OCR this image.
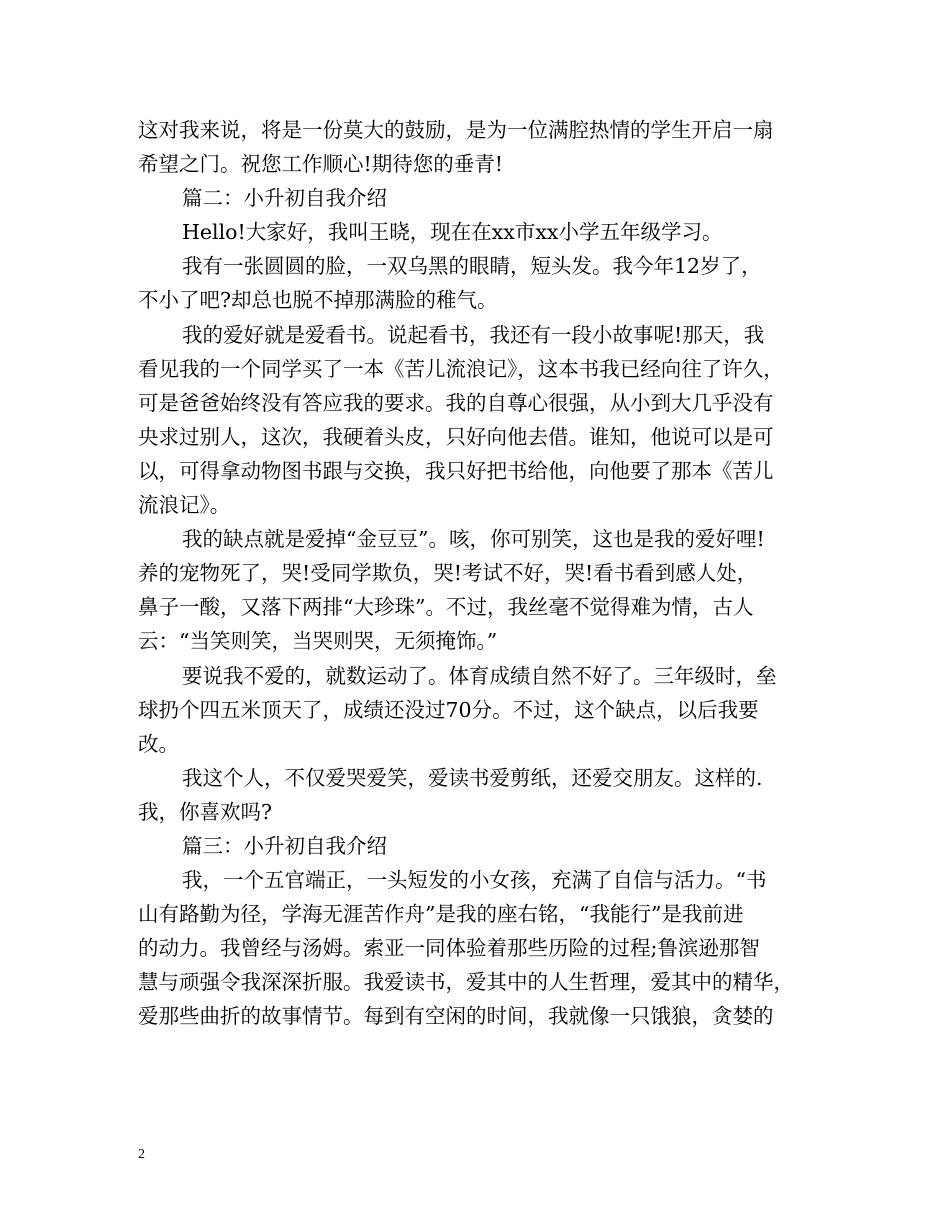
这对我来说，将是一份莫大的鼓励，是为一位满腔热情的学生开启一扇
希望之门。祝您工作顺心!期待您的垂青!
篇二：小升初自我介绍
Hello!大家好，我叫王晓，现在在xx市xx小学五年级学习。
我有一张圆圆的脸，一双乌黑的眼睛，短头发。我今年12岁了，
不小了吧?却总也脱不掉那满脸的稚气。
我的爱好就是爱看书。说起看书，我还有一段小故事呢!那天，我
看见我的一个同学买了一本《苦儿流浪记》，这本书我已经向往了许久，
可是爸爸始终没有答应我的要求。我的自尊心很强，从小到大几乎没有
央求过别人，这次，我硬着头皮，只好向他去借。谁知，他说可以是可
以，可得拿动物图书跟与交换，我只好把书给他，向他要了那本《苦儿
流浪记》。
我的缺点就是爱掉“金豆豆”。咳，你可别笑，这也是我的爱好哩!
养的宠物死了，哭!受同学欺负，哭!考试不好，哭!看书看到感人处，
鼻子一酸，又落下两排“大珍珠”。不过，我丝毫不觉得难为情，古人
云：“当笑则笑，当哭则哭，无须掩饰。”
要说我不爱的，就数运动了。体育成绩自然不好了。三年级时，垒
球扔个四五米顶天了，成绩还没过70分。不过，这个缺点，以后我要
改。
我这个人，不仅爱哭爱笑，爱读书爱剪纸，还爱交朋友。这样的.
我，你喜欢吗?
篇三：小升初自我介绍
我，一个五官端正，一头短发的小女孩，充满了自信与活力。“书
山有路勤为径，学海无涯苦作舟”是我的座右铭，“我能行”是我前进
的动力。我曾经与汤姆。索亚一同体验着那些历险的过程;鲁滨逊那智
慧与顽强令我深深折服。我爱读书，爱其中的人生哲理，爱其中的精华，
爱那些曲折的故事情节。每到有空闲的时间，我就像一只饿狼，贪婪的
2
